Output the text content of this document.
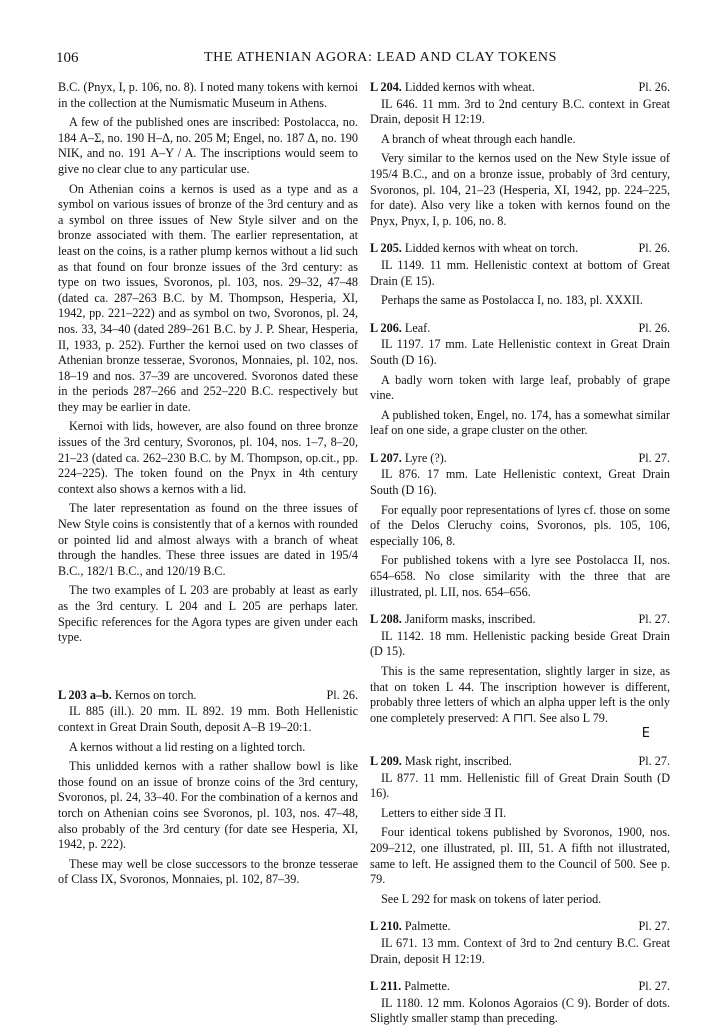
106	THE ATHENIAN AGORA: LEAD AND CLAY TOKENS

B.C. (Pnyx, I, p. 106, no. 8). I noted many tokens with kernoi in the collection at the Numismatic Museum in Athens.

A few of the published ones are inscribed: Postolacca, no. 184 Α–Σ, no. 190 Η–Δ, no. 205 Μ; Engel, no. 187 Δ, no. 190 ΝΙΚ, and no. 191 Α–Υ / Α. The inscriptions would seem to give no clear clue to any particular use.

On Athenian coins a kernos is used as a type and as a symbol on various issues of bronze of the 3rd century and as a symbol on three issues of New Style silver and on the bronze associated with them. The earlier representation, at least on the coins, is a rather plump kernos without a lid such as that found on four bronze issues of the 3rd century: as type on two issues, Svoronos, pl. 103, nos. 29–32, 47–48 (dated ca. 287–263 B.C. by M. Thompson, Hesperia, XI, 1942, pp. 221–222) and as symbol on two, Svoronos, pl. 24, nos. 33, 34–40 (dated 289–261 B.C. by J. P. Shear, Hesperia, II, 1933, p. 252). Further the kernoi used on two classes of Athenian bronze tesserae, Svoronos, Monnaies, pl. 102, nos. 18–19 and nos. 37–39 are uncovered. Svoronos dated these in the periods 287–266 and 252–220 B.C. respectively but they may be earlier in date.

Kernoi with lids, however, are also found on three bronze issues of the 3rd century, Svoronos, pl. 104, nos. 1–7, 8–20, 21–23 (dated ca. 262–230 B.C. by M. Thompson, op.cit., pp. 224–225). The token found on the Pnyx in 4th century context also shows a kernos with a lid.

The later representation as found on the three issues of New Style coins is consistently that of a kernos with rounded or pointed lid and almost always with a branch of wheat through the handles. These three issues are dated in 195/4 B.C., 182/1 B.C., and 120/19 B.C.

The two examples of L 203 are probably at least as early as the 3rd century. L 204 and L 205 are perhaps later. Specific references for the Agora types are given under each type.

L 203 a–b. Kernos on torch.	Pl. 26.

IL 885 (ill.). 20 mm. IL 892. 19 mm. Both Hellenistic context in Great Drain South, deposit A–B 19–20:1.

A kernos without a lid resting on a lighted torch.

This unlidded kernos with a rather shallow bowl is like those found on an issue of bronze coins of the 3rd century, Svoronos, pl. 24, 33–40. For the combination of a kernos and torch on Athenian coins see Svoronos, pl. 103, nos. 47–48, also probably of the 3rd century (for date see Hesperia, XI, 1942, p. 222).

These may well be close successors to the bronze tesserae of Class IX, Svoronos, Monnaies, pl. 102, 87–39.

L 204. Lidded kernos with wheat.	Pl. 26.

IL 646. 11 mm. 3rd to 2nd century B.C. context in Great Drain, deposit H 12:19.

A branch of wheat through each handle.

Very similar to the kernos used on the New Style issue of 195/4 B.C., and on a bronze issue, probably of 3rd century, Svoronos, pl. 104, 21–23 (Hesperia, XI, 1942, pp. 224–225, for date). Also very like a token with kernos found on the Pnyx, Pnyx, I, p. 106, no. 8.

L 205. Lidded kernos with wheat on torch.	Pl. 26.

IL 1149. 11 mm. Hellenistic context at bottom of Great Drain (E 15).

Perhaps the same as Postolacca I, no. 183, pl. XXXII.

L 206. Leaf.	Pl. 26.

IL 1197. 17 mm. Late Hellenistic context in Great Drain South (D 16).

A badly worn token with large leaf, probably of grape vine.

A published token, Engel, no. 174, has a somewhat similar leaf on one side, a grape cluster on the other.

L 207. Lyre (?).	Pl. 27.

IL 876. 17 mm. Late Hellenistic context, Great Drain South (D 16).

For equally poor representations of lyres cf. those on some of the Delos Cleruchy coins, Svoronos, pls. 105, 106, especially 106, 8.

For published tokens with a lyre see Postolacca II, nos. 654–658. No close similarity with the three that are illustrated, pl. LII, nos. 654–656.

L 208. Janiform masks, inscribed.	Pl. 27.

IL 1142. 18 mm. Hellenistic packing beside Great Drain (D 15).

This is the same representation, slightly larger in size, as that on token L 44. The inscription however is different, probably three letters of which an alpha upper left is the only one completely preserved: Α ⊓⊓. See also L 79.

Ε
L 209. Mask right, inscribed.	Pl. 27.

IL 877. 11 mm. Hellenistic fill of Great Drain South (D 16).

Letters to either side Ǝ Π.

Four identical tokens published by Svoronos, 1900, nos. 209–212, one illustrated, pl. III, 51. A fifth not illustrated, same to left. He assigned them to the Council of 500. See p. 79.

See L 292 for mask on tokens of later period.

L 210. Palmette.	Pl. 27.

IL 671. 13 mm. Context of 3rd to 2nd century B.C. Great Drain, deposit H 12:19.

L 211. Palmette.	Pl. 27.

IL 1180. 12 mm. Kolonos Agoraios (C 9). Border of dots. Slightly smaller stamp than preceding.
